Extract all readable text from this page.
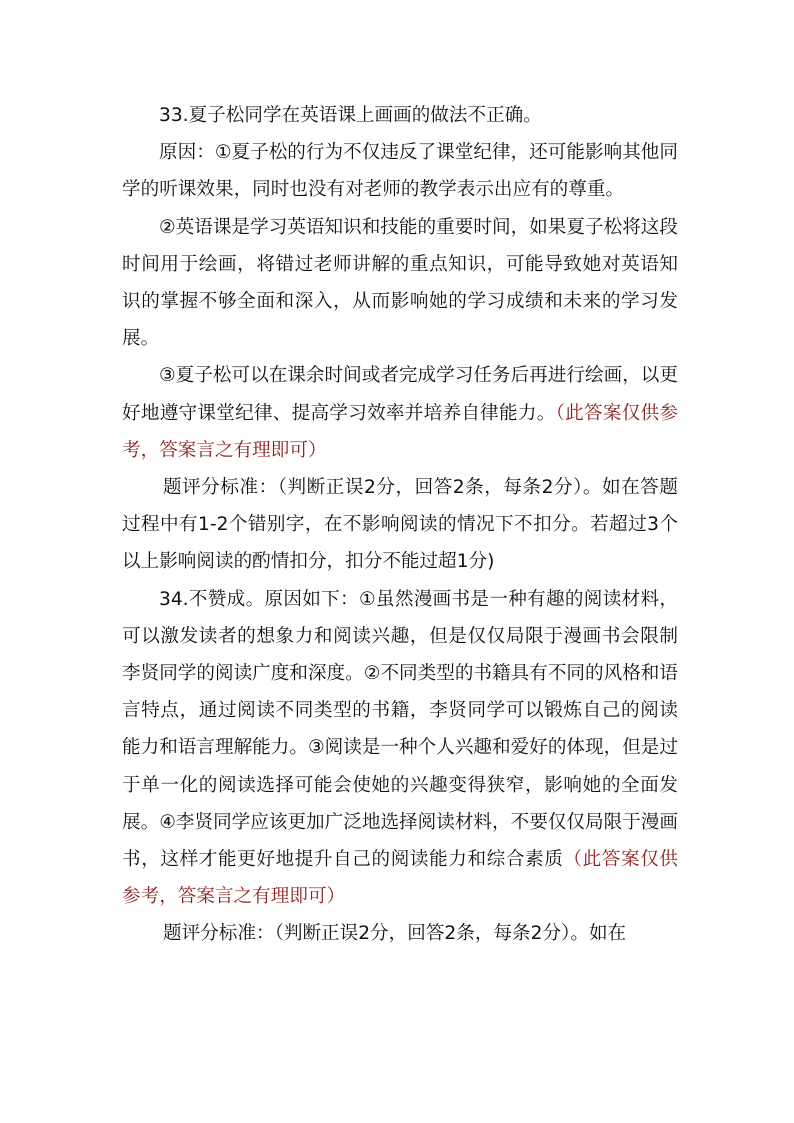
33.夏子松同学在英语课上画画的做法不正确。

原因：①夏子松的行为不仅违反了课堂纪律，还可能影响其他同学的听课效果，同时也没有对老师的教学表示出应有的尊重。

②英语课是学习英语知识和技能的重要时间，如果夏子松将这段时间用于绘画，将错过老师讲解的重点知识，可能导致她对英语知识的掌握不够全面和深入，从而影响她的学习成绩和未来的学习发展。

③夏子松可以在课余时间或者完成学习任务后再进行绘画，以更好地遵守课堂纪律、提高学习效率并培养自律能力。（此答案仅供参考，答案言之有理即可）

题评分标准：（判断正误2分，回答2条，每条2分）。如在答题过程中有1-2个错别字，在不影响阅读的情况下不扣分。若超过3个以上影响阅读的酌情扣分，扣分不能过超1分)

34.不赞成。原因如下：①虽然漫画书是一种有趣的阅读材料，可以激发读者的想象力和阅读兴趣，但是仅仅局限于漫画书会限制李贤同学的阅读广度和深度。②不同类型的书籍具有不同的风格和语言特点，通过阅读不同类型的书籍，李贤同学可以锻炼自己的阅读能力和语言理解能力。③阅读是一种个人兴趣和爱好的体现，但是过于单一化的阅读选择可能会使她的兴趣变得狭窄，影响她的全面发展。④李贤同学应该更加广泛地选择阅读材料，不要仅仅局限于漫画书，这样才能更好地提升自己的阅读能力和综合素质（此答案仅供参考，答案言之有理即可）

题评分标准：（判断正误2分，回答2条，每条2分）。如在
